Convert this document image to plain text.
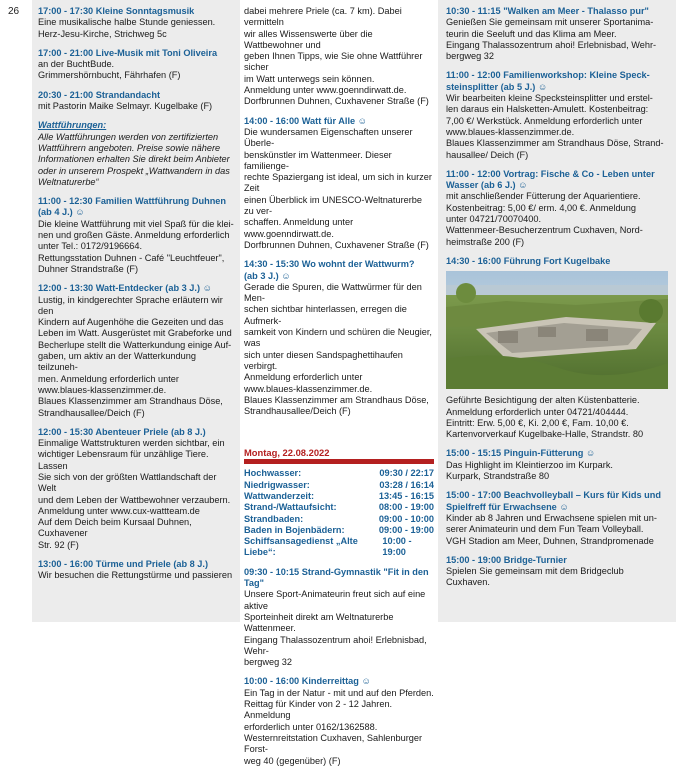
26 17:00 - 17:30 Kleine Sonntagsmusik
Eine musikalische halbe Stunde geniessen.
Herz-Jesu-Kirche, Strichweg 5c
17:00 - 21:00 Live-Musik mit Toni Oliveira
an der BuchtBude.
Grimmershörnbucht, Fährhafen (F)
20:30 - 21:00 Strandandacht
mit Pastorin Maike Selmayr. Kugelbake (F)
Wattführungen:
Alle Wattführungen werden von zertifizierten
Wattführern angeboten. Preise sowie nähere
Informationen erhalten Sie direkt beim Anbieter
oder in unserem Prospekt „Wattwandern in das
Weltnaturerbe“
11:00 - 12:30 Familien Wattführung Duhnen
(ab 4 J.) ☺
Die kleine Wattführung mit viel Spaß für die klei-
nen und großen Gäste. Anmeldung erforderlich
unter Tel.: 0172/9196664.
Rettungsstation Duhnen - Café "Leuchtfeuer",
Duhner Strandstraße (F)
12:00 - 13:30 Watt-Entdecker (ab 3 J.) ☺
Lustig, in kindgerechter Sprache erläutern wir den
Kindern auf Augenhöhe die Gezeiten und das
Leben im Watt. Ausgerüstet mit Grabeforke und
Becherlupe stellt die Watterkundung einige Auf-
gaben, um aktiv an der Watterkundung teilzuneh-
men. Anmeldung erforderlich unter
www.blaues-klassenzimmer.de.
Blaues Klassenzimmer am Strandhaus Döse,
Strandhausallee/Deich (F)
12:00 - 15:30 Abenteuer Priele (ab 8 J.)
Einmalige Wattstrukturen werden sichtbar, ein
wichtiger Lebensraum für unzählige Tiere. Lassen
Sie sich von der größten Wattlandschaft der Welt
und dem Leben der Wattbewohner verzaubern.
Anmeldung unter www.cux-wattteam.de
Auf dem Deich beim Kursaal Duhnen, Cuxhavener
Str. 92 (F)
13:00 - 16:00 Türme und Priele (ab 8 J.)
Wir besuchen die Rettungstürme und passieren
dabei mehrere Priele (ca. 7 km). Dabei vermitteln
wir alles Wissenswerte über die Wattbewohner und
geben Ihnen Tipps, wie Sie ohne Wattführer sicher
im Watt unterwegs sein können.
Anmeldung unter www.goenndirwatt.de.
Dorfbrunnen Duhnen, Cuxhavener Straße (F)
14:00 - 16:00 Watt für Alle ☺
Die wundersamen Eigenschaften unserer Überle-
benskünstler im Wattenmeer. Dieser familienge-
rechte Spaziergang ist ideal, um sich in kurzer Zeit
einen Überblick im UNESCO-Weltnaturerbe zu ver-
schaffen. Anmeldung unter www.goenndirwatt.de.
Dorfbrunnen Duhnen, Cuxhavener Straße (F)
14:30 - 15:30 Wo wohnt der Wattwurm?
(ab 3 J.) ☺
Gerade die Spuren, die Wattwürmer für den Men-
schen sichtbar hinterlassen, erregen die Aufmerk-
samkeit von Kindern und schüren die Neugier, was
sich unter diesen Sandspaghettihaufen verbirgt.
Anmeldung erforderlich unter
www.blaues-klassenzimmer.de.
Blaues Klassenzimmer am Strandhaus Döse,
Strandhausallee/Deich (F)
Montag, 22.08.2022
Hochwasser:	09:30 / 22:17
Niedrigwasser:	03:28 / 16:14
Wattwanderzeit:	13:45 - 16:15
Strand-/Wattaufsicht:	08:00 - 19:00
Strandbaden:	09:00 - 10:00
Baden in Bojenbädern:	09:00 - 19:00
Schiffsansagedienst „Alte Liebe“:
10:00 - 19:00
09:30 - 10:15 Strand-Gymnastik "Fit in den Tag"
Unsere Sport-Animateurin freut sich auf eine aktive
Sporteinheit direkt am Weltnaturerbe Wattenmeer.
Eingang Thalassozentrum ahoi! Erlebnisbad, Wehr-
bergweg 32
10:00 - 16:00 Kinderreittag ☺
Ein Tag in der Natur - mit und auf den Pferden.
Reittag für Kinder von 2 - 12 Jahren. Anmeldung
erforderlich unter 0162/1362588.
Westernreitstation Cuxhaven, Sahlenburger Forst-
weg 40 (gegenüber) (F)
10:30 - 11:15 "Walken am Meer - Thalasso pur"
Genießen Sie gemeinsam mit unserer Sportanima-
teurin die Seeluft und das Klima am Meer.
Eingang Thalassozentrum ahoi! Erlebnisbad, Wehr-
bergweg 32
11:00 - 12:00 Familienworkshop: Kleine Speck-
steinsplitter (ab 5 J.) ☺
Wir bearbeiten kleine Specksteinsplitter und erstel-
len daraus ein Halsketten-Amulett. Kostenbeitrag:
7,00 €/ Werkstück. Anmeldung erforderlich unter
www.blaues-klassenzimmer.de.
Blaues Klassenzimmer am Strandhaus Döse, Strand-
hausallee/ Deich (F)
11:00 - 12:00 Vortrag: Fische & Co - Leben unter
Wasser (ab 6 J.) ☺
mit anschließender Fütterung der Aquarientiere.
Kostenbeitrag: 5,00 €/ erm. 4,00 €. Anmeldung
unter 04721/70070400.
Wattenmeer-Besucherzentrum Cuxhaven, Nord-
heimstraße 200 (F)
14:30 - 16:00 Führung Fort Kugelbake
Geführte Besichtigung der alten Küstenbatterie.
Anmeldung erforderlich unter 04721/404444.
Eintritt: Erw. 5,00 €, Ki. 2,00 €, Fam. 10,00 €.
Kartenvorverkauf Kugelbake-Halle, Strandstr. 80
15:00 - 15:15 Pinguin-Fütterung ☺
Das Highlight im Kleintierzoo im Kurpark.
Kurpark, Strandstraße 80
15:00 - 17:00 Beachvolleyball – Kurs für Kids und
Spielfreff für Erwachsene ☺
Kinder ab 8 Jahren und Erwachsene spielen mit un-
serer Animateurin und dem Fun Team Volleyball.
VGH Stadion am Meer, Duhnen, Strandpromenade
15:00 - 19:00 Bridge-Turnier
Spielen Sie gemeinsam mit dem Bridgeclub Cuxhaven.
